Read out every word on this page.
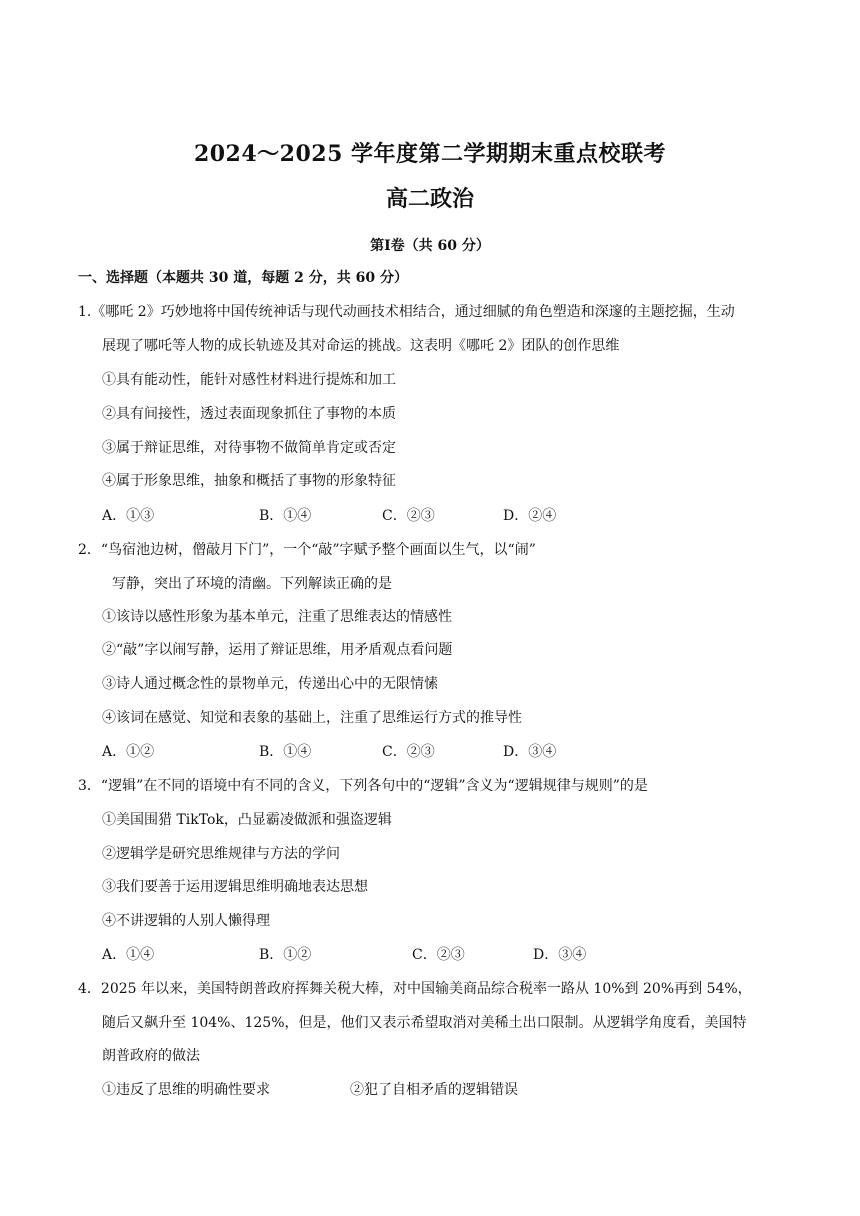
2024～2025 学年度第二学期期末重点校联考
高二政治
第Ⅰ卷（共 60 分）
一、选择题（本题共 30 道，每题 2 分，共 60 分）
1.《哪吒 2》巧妙地将中国传统神话与现代动画技术相结合，通过细腻的角色塑造和深邃的主题挖掘，生动
展现了哪吒等人物的成长轨迹及其对命运的挑战。这表明《哪吒 2》团队的创作思维
①具有能动性，能针对感性材料进行提炼和加工
②具有间接性，透过表面现象抓住了事物的本质
③属于辩证思维，对待事物不做简单肯定或否定
④属于形象思维，抽象和概括了事物的形象特征
A．①③	B．①④	C．②③	D．②④
2．“鸟宿池边树，僧敲月下门”，一个“敲”字赋予整个画面以生气，以“闹”
写静，突出了环境的清幽。下列解读正确的是
①该诗以感性形象为基本单元，注重了思维表达的情感性
②“敲”字以闹写静，运用了辩证思维，用矛盾观点看问题
③诗人通过概念性的景物单元，传递出心中的无限情愫
④该词在感觉、知觉和表象的基础上，注重了思维运行方式的推导性
A．①②	B．①④	C．②③	D．③④
3．“逻辑”在不同的语境中有不同的含义，下列各句中的“逻辑”含义为“逻辑规律与规则”的是
①美国围猎 TikTok，凸显霸凌做派和强盗逻辑
②逻辑学是研究思维规律与方法的学问
③我们要善于运用逻辑思维明确地表达思想
④不讲逻辑的人别人懒得理
A．①④	B．①②	C．②③	D．③④
4．2025 年以来，美国特朗普政府挥舞关税大棒，对中国输美商品综合税率一路从 10%到 20%再到 54%，
随后又飙升至 104%、125%，但是，他们又表示希望取消对美稀土出口限制。从逻辑学角度看，美国特
朗普政府的做法
①违反了思维的明确性要求	②犯了自相矛盾的逻辑错误
